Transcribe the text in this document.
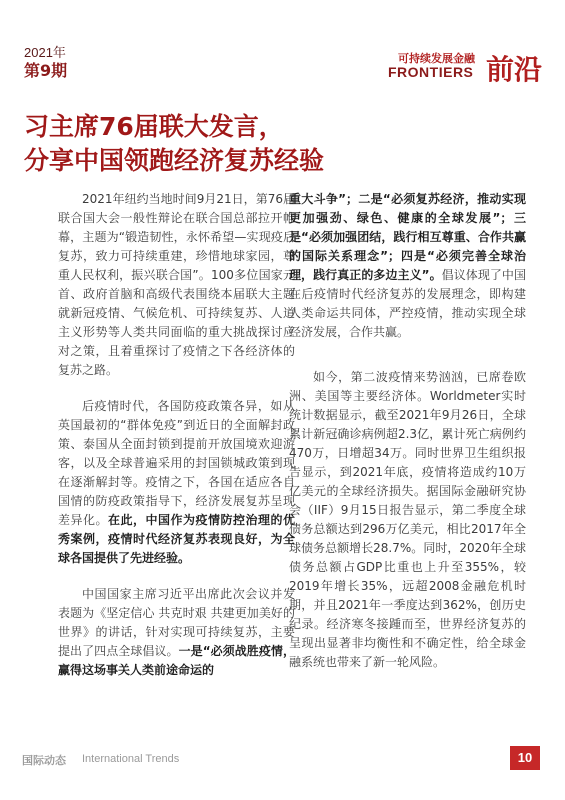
2021年
第9期
可持续发展金融
FRONTIERS 前沿
习主席76届联大发言，
分享中国领跑经济复苏经验

2021年纽约当地时间9月21日，第76届联合国大会一般性辩论在联合国总部拉开帷幕，主题为“锻造韧性，永怀希望—实现疫后复苏，致力可持续重建，珍惜地球家园，尊重人民权利，振兴联合国”。100多位国家元首、政府首脑和高级代表围绕本届联大主题就新冠疫情、气候危机、可持续复苏、人道主义形势等人类共同面临的重大挑战探讨应对之策，且着重探讨了疫情之下各经济体的复苏之路。

后疫情时代，各国防疫政策各异，如从英国最初的“群体免疫”到近日的全面解封政策、泰国从全面封锁到提前开放国境欢迎游客，以及全球普遍采用的封国锁城政策到现在逐渐解封等。疫情之下，各国在适应各自国情的防疫政策指导下，经济发展复苏呈现差异化。在此，中国作为疫情防控治理的优秀案例，疫情时代经济复苏表现良好，为全球各国提供了先进经验。

中国国家主席习近平出席此次会议并发表题为《坚定信心 共克时艰 共建更加美好的世界》的讲话，针对实现可持续复苏，主要提出了四点全球倡议。一是“必须战胜疫情，赢得这场事关人类前途命运的

重大斗争”；二是“必须复苏经济，推动实现更加强劲、绿色、健康的全球发展”；三是“必须加强团结，践行相互尊重、合作共赢的国际关系理念”；四是“必须完善全球治理，践行真正的多边主义”。倡议体现了中国在后疫情时代经济复苏的发展理念，即构建人类命运共同体，严控疫情，推动实现全球经济发展，合作共赢。

如今，第二波疫情来势汹汹，已席卷欧洲、美国等主要经济体。Worldmeter实时统计数据显示，截至2021年9月26日，全球累计新冠确诊病例超2.3亿，累计死亡病例约470万，日增超34万。同时世界卫生组织报告显示，到2021年底，疫情将造成约10万亿美元的全球经济损失。据国际金融研究协会（IIF）9月15日报告显示，第二季度全球债务总额达到296万亿美元，相比2017年全球债务总额增长28.7%。同时，2020年全球债务总额占GDP比重也上升至355%，较2019年增长35%，远超2008金融危机时期，并且2021年一季度达到362%，创历史纪录。经济寒冬接踵而至，世界经济复苏的呈现出显著非均衡性和不确定性，给全球金融系统也带来了新一轮风险。

国际动态 International Trends	10
